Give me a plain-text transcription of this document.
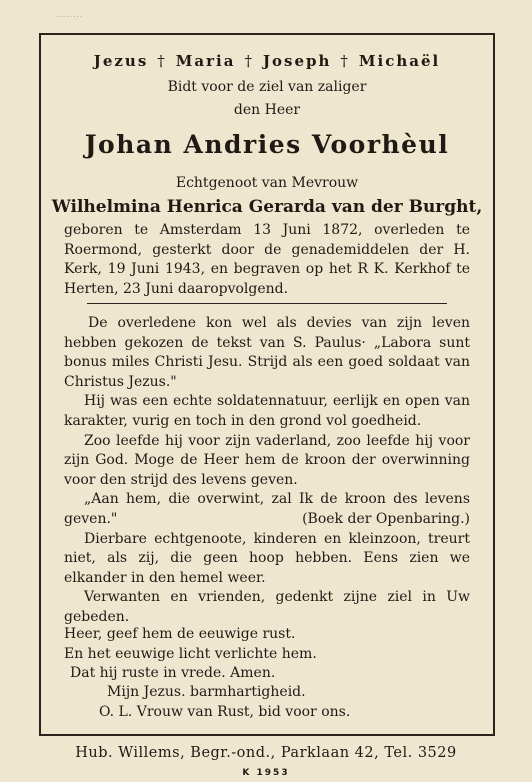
........
Jezus † Maria † Joseph † Michaël
Bidt voor de ziel van zaliger
den Heer
Johan Andries Voorhèul
Echtgenoot van Mevrouw
Wilhelmina Henrica Gerarda van der Burght,
geboren te Amsterdam 13 Juni 1872, overleden te Roermond, gesterkt door de genademiddelen der H. Kerk, 19 Juni 1943, en begraven op het R K. Kerkhof te Herten, 23 Juni daaropvolgend.

De overledene kon wel als devies van zijn leven hebben gekozen de tekst van S. Paulus· „Labora sunt bonus miles Christi Jesu. Strijd als een goed soldaat van Christus Jezus."

Hij was een echte soldatennatuur, eerlijk en open van karakter, vurig en toch in den grond vol goedheid.

Zoo leefde hij voor zijn vaderland, zoo leefde hij voor zijn God. Moge de Heer hem de kroon der overwinning voor den strijd des levens geven.

„Aan hem, die overwint, zal Ik de kroon des levens geven."	(Boek der Openbaring.)

Dierbare echtgenoote, kinderen en kleinzoon, treurt niet, als zij, die geen hoop hebben. Eens zien we elkander in den hemel weer.

Verwanten en vrienden, gedenkt zijne ziel in Uw gebeden.

Heer, geef hem de eeuwige rust.
En het eeuwige licht verlichte hem.
Dat hij ruste in vrede. Amen.
Mijn Jezus. barmhartigheid.
O. L. Vrouw van Rust, bid voor ons.
Hub. Willems, Begr.-ond., Parklaan 42, Tel. 3529
K 1953
